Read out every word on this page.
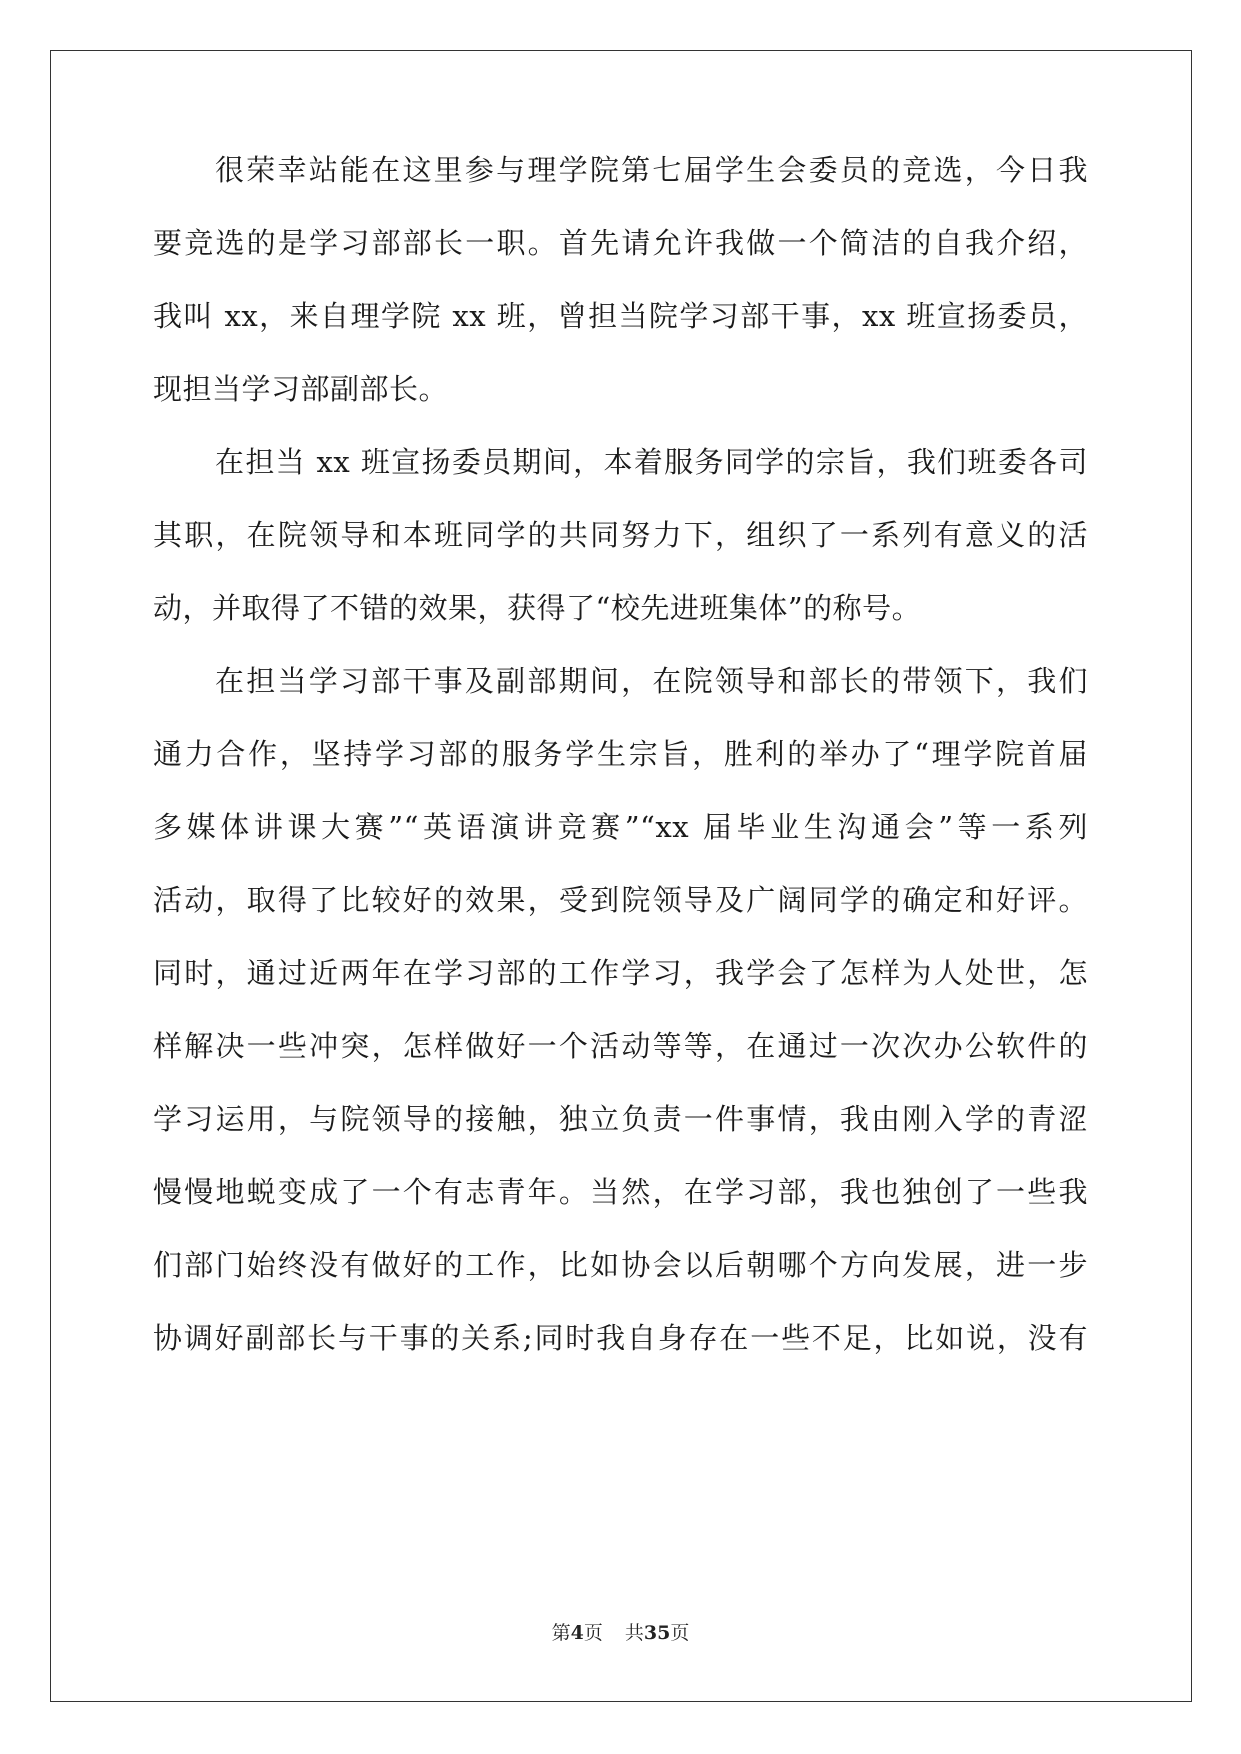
很荣幸站能在这里参与理学院第七届学生会委员的竞选，今日我
要竞选的是学习部部长一职。首先请允许我做一个简洁的自我介绍，
我叫 xx，来自理学院 xx 班，曾担当院学习部干事，xx 班宣扬委员，
现担当学习部副部长。
在担当 xx 班宣扬委员期间，本着服务同学的宗旨，我们班委各司
其职，在院领导和本班同学的共同努力下，组织了一系列有意义的活
动，并取得了不错的效果，获得了“校先进班集体”的称号。
在担当学习部干事及副部期间，在院领导和部长的带领下，我们
通力合作，坚持学习部的服务学生宗旨，胜利的举办了“理学院首届
多媒体讲课大赛”“英语演讲竞赛”“xx 届毕业生沟通会”等一系列
活动，取得了比较好的效果，受到院领导及广阔同学的确定和好评。
同时，通过近两年在学习部的工作学习，我学会了怎样为人处世，怎
样解决一些冲突，怎样做好一个活动等等，在通过一次次办公软件的
学习运用，与院领导的接触，独立负责一件事情，我由刚入学的青涩
慢慢地蜕变成了一个有志青年。当然，在学习部，我也独创了一些我
们部门始终没有做好的工作，比如协会以后朝哪个方向发展，进一步
协调好副部长与干事的关系;同时我自身存在一些不足，比如说，没有
第4页 共35页
